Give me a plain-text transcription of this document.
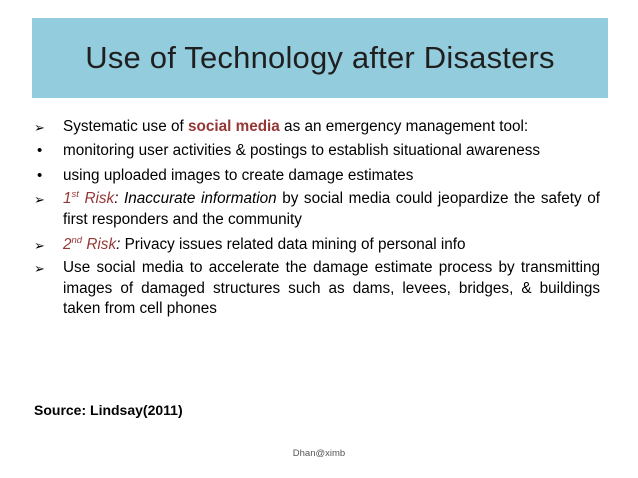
Use of Technology after Disasters
➢	Systematic use of social media as an emergency management tool:
•	monitoring user activities & postings to establish situational awareness
•	using uploaded images to create damage estimates
➢	1st Risk: Inaccurate information by social media could jeopardize the safety of first responders and the community
➢	2nd Risk: Privacy issues related data mining of personal info
➢	Use social media to accelerate the damage estimate process by transmitting images of damaged structures such as dams, levees, bridges, & buildings taken from cell phones
Source: Lindsay(2011)
Dhan@ximb
